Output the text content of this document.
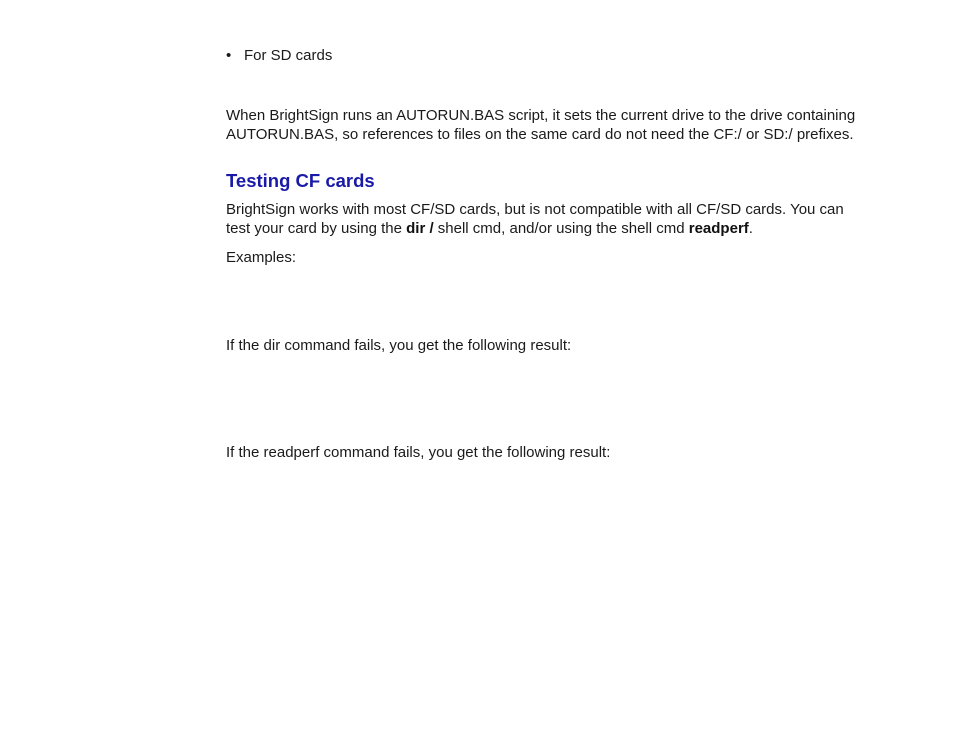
• For SD cards

When BrightSign runs an AUTORUN.BAS script, it sets the current drive to the drive containing AUTORUN.BAS, so references to files on the same card do not need the CF:/ or SD:/ prefixes.

Testing CF cards

BrightSign works with most CF/SD cards, but is not compatible with all CF/SD cards. You can test your card by using the dir / shell cmd, and/or using the shell cmd readperf.

Examples:

If the dir command fails, you get the following result:

If the readperf command fails, you get the following result:
